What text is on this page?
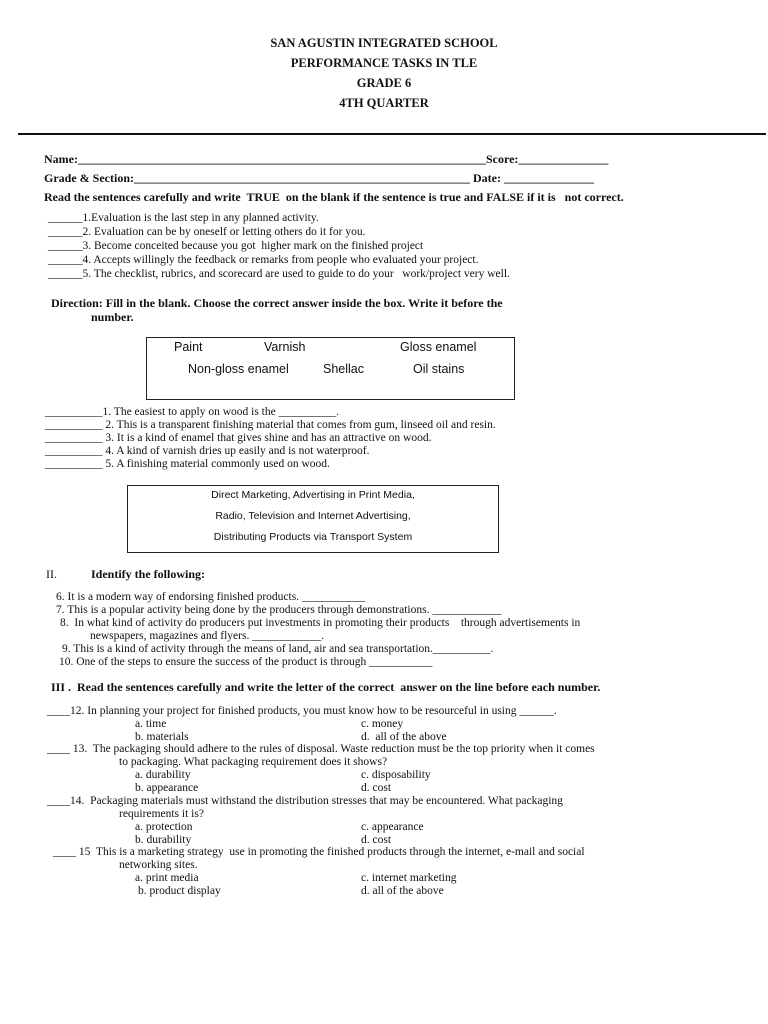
SAN AGUSTIN INTEGRATED SCHOOL
PERFORMANCE TASKS IN TLE
GRADE 6
4TH QUARTER
Name:____________________________________________________________________Score:_______________
Grade & Section:________________________________________________________ Date: _______________
Read the sentences carefully and write  TRUE  on the blank if the sentence is true and FALSE if it is   not correct.
______1.Evaluation is the last step in any planned activity.
______2. Evaluation can be by oneself or letting others do it for you.
______3. Become conceited because you got  higher mark on the finished project
______4. Accepts willingly the feedback or remarks from people who evaluated your project.
______5. The checklist, rubrics, and scorecard are used to guide to do your   work/project very well.
Direction: Fill in the blank. Choose the correct answer inside the box. Write it before the
number.
Paint	Varnish	Gloss enamel
Non-gloss enamel	Shellac	Oil stains
__________1. The easiest to apply on wood is the __________.
__________ 2. This is a transparent finishing material that comes from gum, linseed oil and resin.
__________ 3. It is a kind of enamel that gives shine and has an attractive on wood.
__________ 4. A kind of varnish dries up easily and is not waterproof.
__________ 5. A finishing material commonly used on wood.
Direct Marketing, Advertising in Print Media,
Radio, Television and Internet Advertising,
Distributing Products via Transport System
II.	Identify the following:
6. It is a modern way of endorsing finished products. ___________
7. This is a popular activity being done by the producers through demonstrations. ____________
8.  In what kind of activity do producers put investments in promoting their products    through advertisements in
newspapers, magazines and flyers. ____________.
9. This is a kind of activity through the means of land, air and sea transportation.__________.
10. One of the steps to ensure the success of the product is through ___________
III .  Read the sentences carefully and write the letter of the correct  answer on the line before each number.
____12. In planning your project for finished products, you must know how to be resourceful in using ______.
a. time	c. money
b. materials	d.  all of the above
____ 13.  The packaging should adhere to the rules of disposal. Waste reduction must be the top priority when it comes
to packaging. What packaging requirement does it shows?
a. durability	c. disposability
b. appearance	d. cost
____14.  Packaging materials must withstand the distribution stresses that may be encountered. What packaging
requirements it is?
a. protection	c. appearance
b. durability	d. cost
____ 15  This is a marketing strategy  use in promoting the finished products through the internet, e-mail and social
networking sites.
a. print media	c. internet marketing
b. product display	d. all of the above
